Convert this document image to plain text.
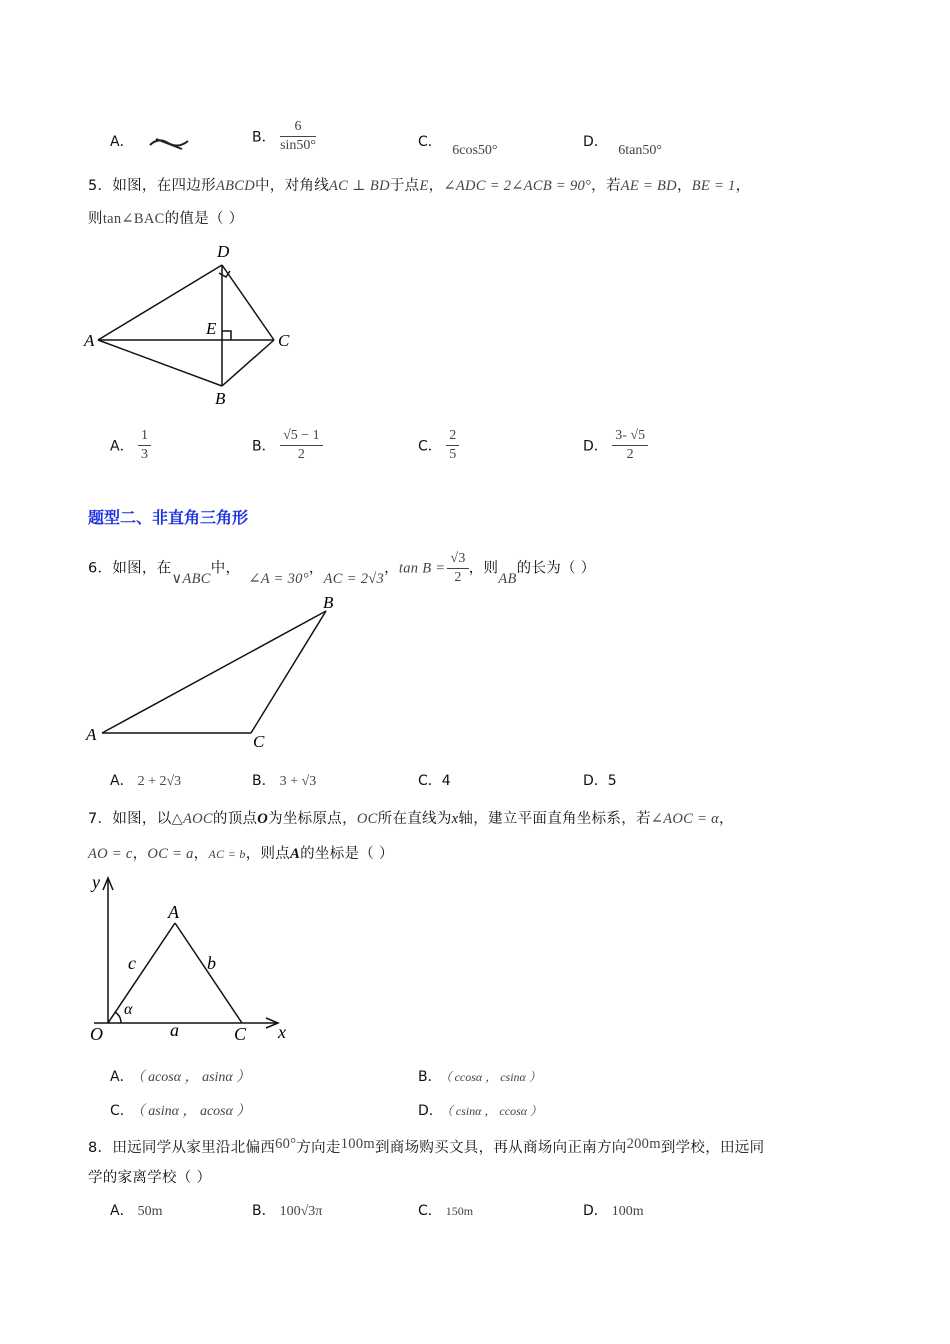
A．	B． $\frac{6}{\sin 50^\circ}$	C． 6cos50°
D． 6tan50°
5．如图，在四边形ABCD中，对角线AC ⊥ BD于点E，∠ADC = 2∠ACB = 90°，若AE = BD，BE = 1，
则tan∠BAC的值是（ ）
D
A
E
C
B
A． $\frac{1}{3}$	B． $\frac{√5 - 1}{2}$	C． $\frac{2}{5}$	D． $\frac{3- √5}{2}$
题型二、非直角三角形
6．如图，在∨ABC中，∠A = 30°，AC = 2√3，$\tan B = \frac{√3}{2}$ ，则AB的长为（ ）
B
A	C
A． 2 + 2√3	B． 3 + √3	C．4	D．5
7．如图，以△AOC的顶点O为坐标原点，OC所在直线为x轴，建立平面直角坐标系，若∠AOC = α，
AO = c，OC = a，AC = b，则点A的坐标是（ ）
y
x
O
A
C
a
b
c
α
A． （ acosα ， asinα ）	B． （ ccosα ， csinα ）
C． （ asinα ， acosα ）	D． （ csinα ， ccosα ）
8．田远同学从家里沿北偏西60°方向走100m到商场购买文具，再从商场向正南方向200m到学校，田远同
学的家离学校（ ）
A． 50m	B． 100√3π	C． 150m	D． 100m
